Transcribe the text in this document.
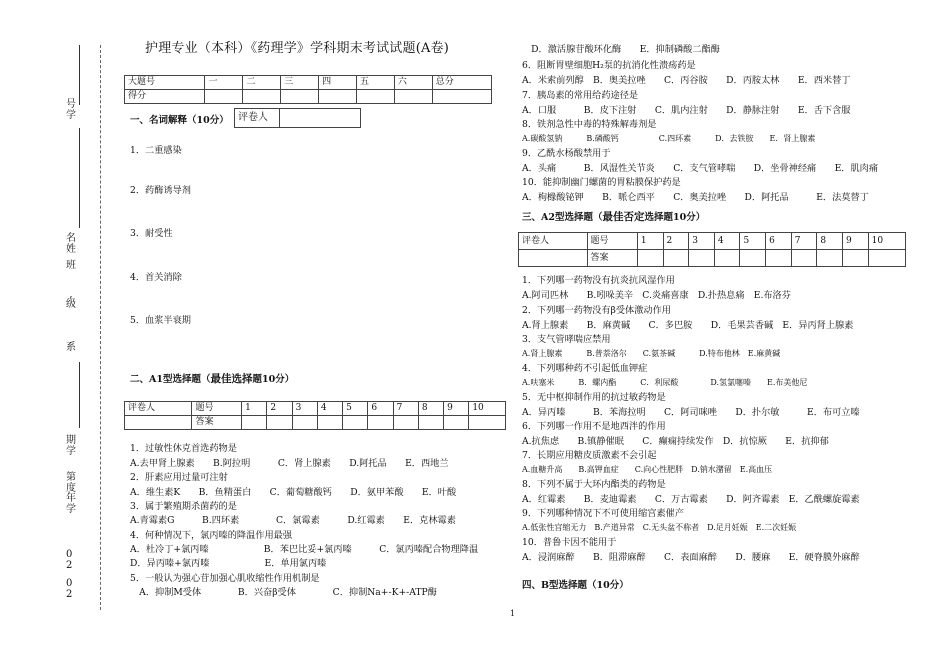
号
学
名
姓
班
,
级
系
期
学
第
度
年
学
0
2
0
2
护理专业（本科）《药理学》学科期末考试试题(A卷)
大题号	一	二	三	四	五	六	总分
得分							
一、名词解释（10分） 评卷人	
1．二重感染
2．药酶诱导剂
3．耐受性
4．首关消除
5．血浆半衰期
二、A1型选择题（最佳选择题10分）
评卷人	题号	1	2	3	4	5	6	7	8	9	10
	答案										
1．过敏性休克首选药物是
A.去甲肾上腺素　　B.阿拉明　　　C．肾上腺素　　D.阿托品　　E．西地兰
2．肝素应用过量可注射
A．维生素K　　B．鱼精蛋白　　C．葡萄糖酸钙　　D．氨甲苯酸　　E．叶酸
3．属于繁殖期杀菌药的是
A.青霉素G　　　B.四环素　　　　C．氯霉素　　　D.红霉素　　E．克林霉素
4．何种情况下，氯丙嗪的降温作用最强
A．杜冷丁+氯丙嗪　　　　　　B．苯巴比妥+氯丙嗪　　　C．氯丙嗪配合物理降温
D．异丙嗪+氯丙嗪　　　　　　E．单用氯丙嗪
5．一般认为强心苷加强心肌收缩性作用机制是
　A．抑制M受体　　　　B．兴奋β受体　　　　C．抑制Na+-K+-ATP酶
　D．激活腺苷酸环化酶　　E．抑制磷酸二酯酶
6．阻断胃壁细胞H₂泵的抗消化性溃疡药是
A．米索前列醇　B．奥美拉唑　　C．丙谷胺　　D．丙胺太林　　E．西米替丁
7．胰岛素的常用给药途径是
A．口服　　　B．皮下注射　　C．肌内注射　　D．静脉注射　　E．舌下含服
8．铁剂急性中毒的特殊解毒剂是
A.碳酸氢钠　　　B.磷酸钙　　　　　C.四环素　　　D．去铁胺　　E．肾上腺素
9．乙酰水杨酸禁用于
A．头痛　　　B．风湿性关节炎　　C．支气管哮喘　　D．坐骨神经痛　　E．肌肉痛
10．能抑制幽门螺菌的胃粘膜保护药是
A．枸橼酸铋钾　　B．哌仑西平　　C．奥美拉唑　　D．阿托品　　　E．法莫替丁
三、A2型选择题（最佳否定选择题10分）
评卷人	题号	1	2	3	4	5	6	7	8	9	10
	答案										
1．下列哪一药物没有抗炎抗风湿作用
A.阿司匹林　　B.吲哚美辛　C.炎痛喜康　D.扑热息痛　E.布洛芬
2．下列哪一药物没有β受体激动作用
A.肾上腺素　　B．麻黄碱　　C．多巴胺　　D．毛果芸香碱　E．异丙肾上腺素
3．支气管哮喘应禁用
A.肾上腺素　　　B.普萘洛尔　　C.氨茶碱　　　D.特布他林　E.麻黄碱
4．下列哪种药不引起低血钾症
A.呋塞米　　　B．螺内酯　　　C．利尿酸　　　　D.氢氯噻嗪　　E.布美他尼
5．无中枢抑制作用的抗过敏药物是
A．异丙嗪　　　B．苯海拉明　　C．阿司咪唑　　D．扑尔敏　　　E．布可立嗪
6．下列哪一作用不是地西泮的作用
A.抗焦虑　　B.镇静催眠　　C．癫痫持续发作　D．抗惊厥　　E．抗抑郁
7．长期应用糖皮质激素不会引起
A.血糖升高　　B.高钾血症　　C.向心性肥胖　D.钠水潴留　E.高血压
8．下列不属于大环内酯类的药物是
A．红霉素　　B．麦迪霉素　　C．万古霉素　　D．阿齐霉素　E．乙酰螺旋霉素
9．下列哪种情况下不可使用缩宫素催产
A.低张性宫缩无力　B.产道异常　C.无头盆不称者　D.足月妊娠　E.二次妊娠
10．普鲁卡因不能用于
A．浸润麻醉　　B．阻滞麻醉　　C．表面麻醉　　D．腰麻　　E．硬脊膜外麻醉
四、B型选择题（10分）
1
